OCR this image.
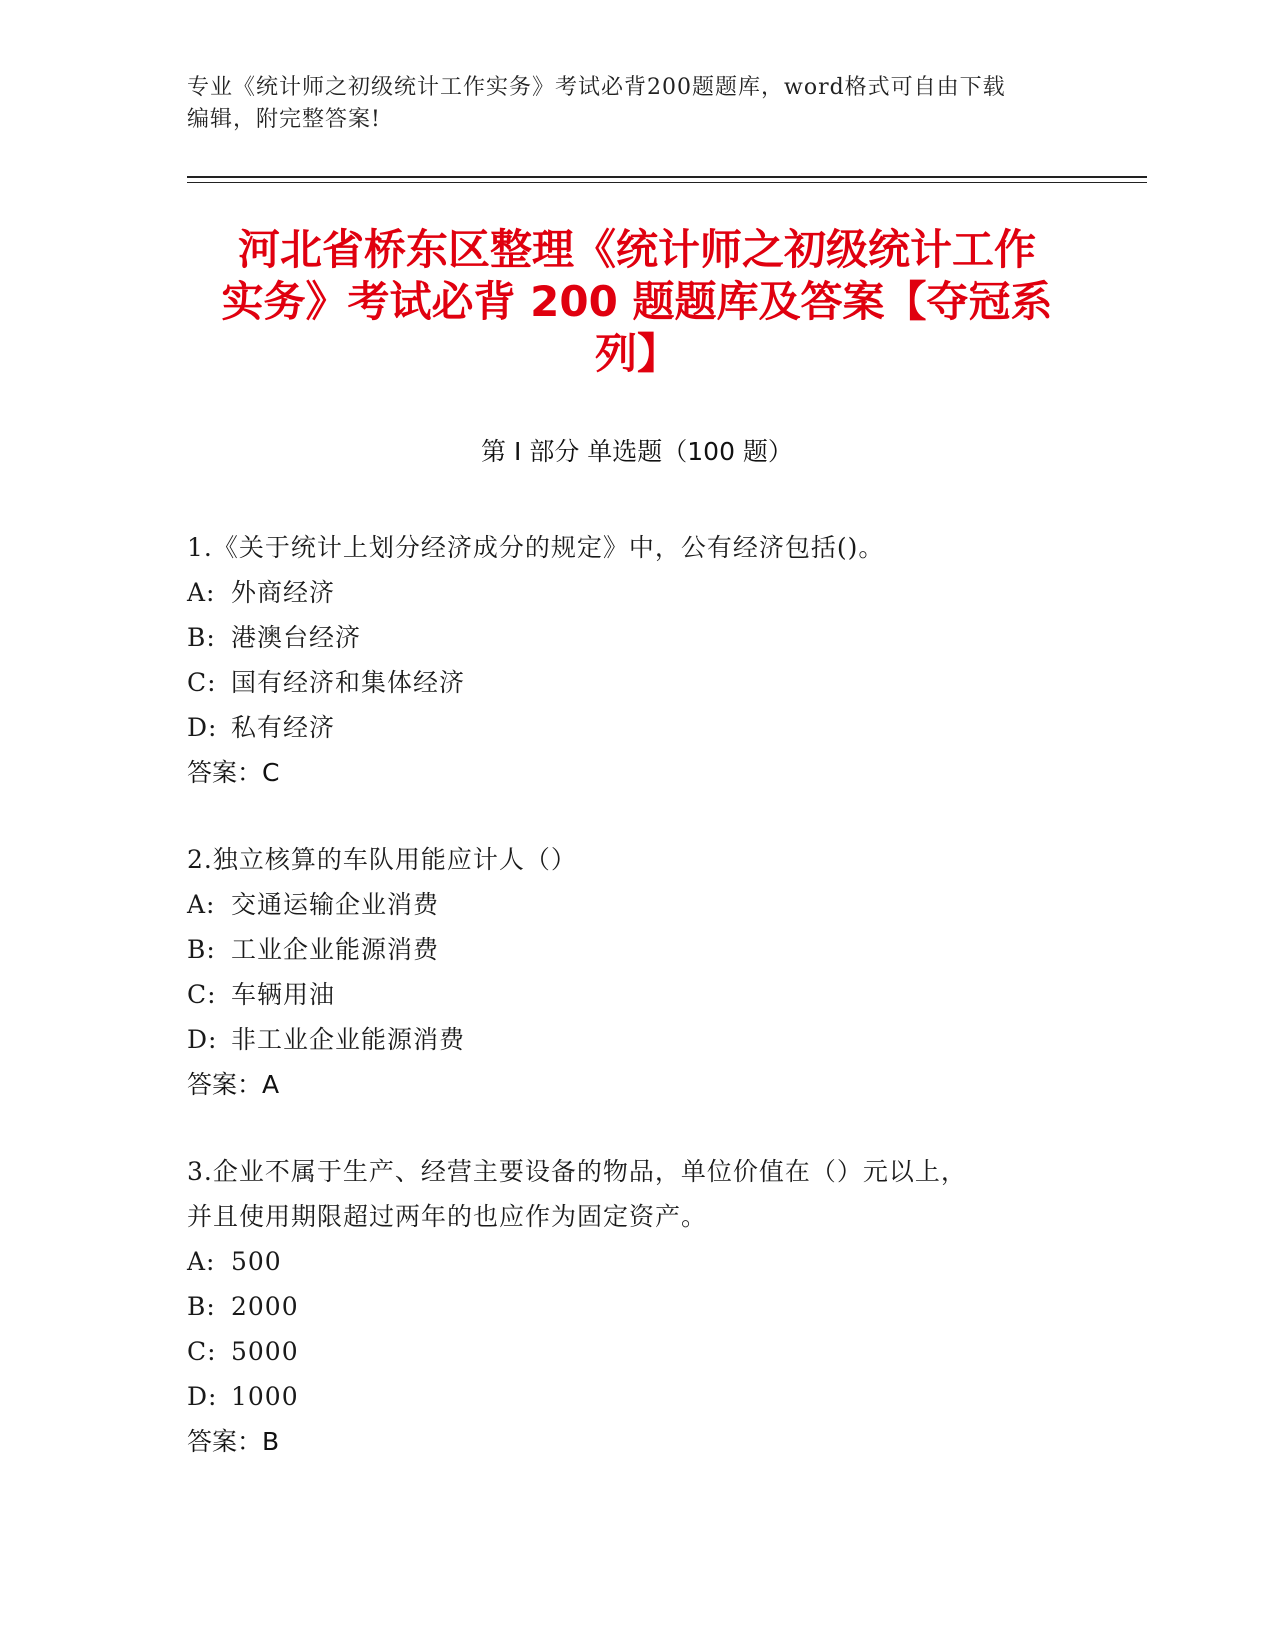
专业《统计师之初级统计工作实务》考试必背200题题库，word格式可自由下载
编辑，附完整答案!
河北省桥东区整理《统计师之初级统计工作
实务》考试必背 200 题题库及答案【夺冠系
列】
第 I 部分 单选题（100 题）
1.《关于统计上划分经济成分的规定》中，公有经济包括()。
A: 外商经济
B: 港澳台经济
C: 国有经济和集体经济
D: 私有经济
答案：C
2.独立核算的车队用能应计人（）
A: 交通运输企业消费
B: 工业企业能源消费
C: 车辆用油
D: 非工业企业能源消费
答案：A
3.企业不属于生产、经营主要设备的物品，单位价值在（）元以上，
并且使用期限超过两年的也应作为固定资产。
A: 500
B: 2000
C: 5000
D: 1000
答案：B
